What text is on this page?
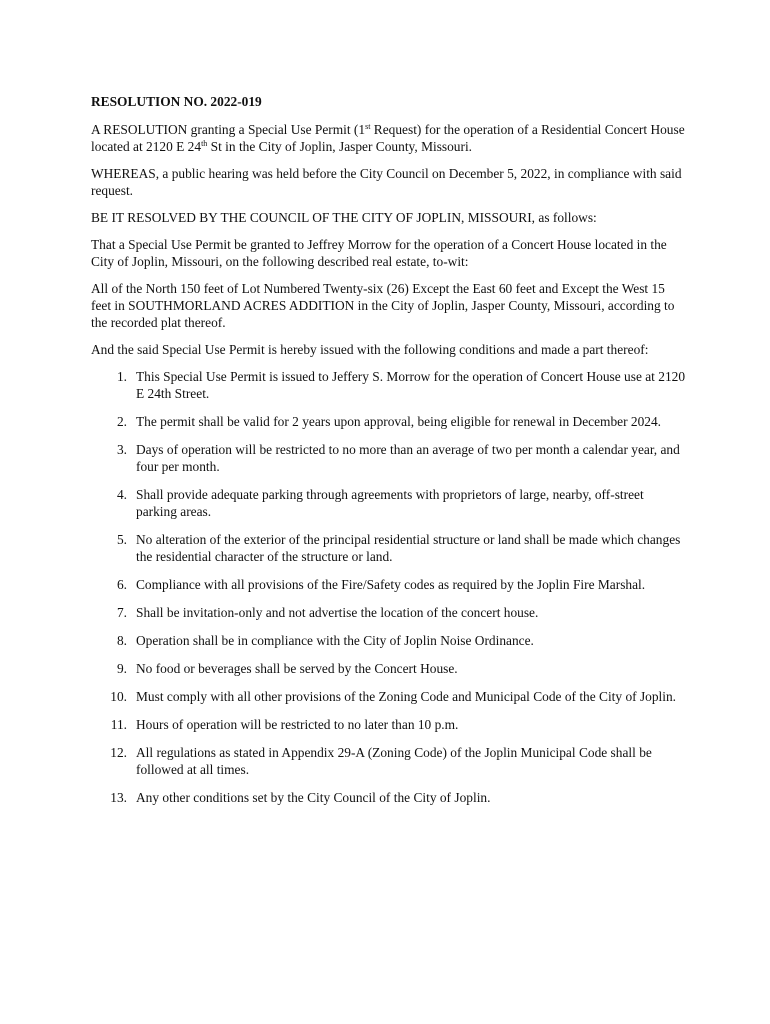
RESOLUTION NO. 2022-019

A RESOLUTION granting a Special Use Permit (1st Request) for the operation of a Residential Concert House located at 2120 E 24th St in the City of Joplin, Jasper County, Missouri.

WHEREAS, a public hearing was held before the City Council on December 5, 2022, in compliance with said request.

BE IT RESOLVED BY THE COUNCIL OF THE CITY OF JOPLIN, MISSOURI, as follows:

That a Special Use Permit be granted to Jeffrey Morrow for the operation of a Concert House located in the City of Joplin, Missouri, on the following described real estate, to-wit:

All of the North 150 feet of Lot Numbered Twenty-six (26) Except the East 60 feet and Except the West 15 feet in SOUTHMORLAND ACRES ADDITION in the City of Joplin, Jasper County, Missouri, according to the recorded plat thereof.

And the said Special Use Permit is hereby issued with the following conditions and made a part thereof:

1. This Special Use Permit is issued to Jeffery S. Morrow for the operation of Concert House use at 2120 E 24th Street.
2. The permit shall be valid for 2 years upon approval, being eligible for renewal in December 2024.
3. Days of operation will be restricted to no more than an average of two per month a calendar year, and four per month.
4. Shall provide adequate parking through agreements with proprietors of large, nearby, off-street parking areas.
5. No alteration of the exterior of the principal residential structure or land shall be made which changes the residential character of the structure or land.
6. Compliance with all provisions of the Fire/Safety codes as required by the Joplin Fire Marshal.
7. Shall be invitation-only and not advertise the location of the concert house.
8. Operation shall be in compliance with the City of Joplin Noise Ordinance.
9. No food or beverages shall be served by the Concert House.
10. Must comply with all other provisions of the Zoning Code and Municipal Code of the City of Joplin.
11. Hours of operation will be restricted to no later than 10 p.m.
12. All regulations as stated in Appendix 29-A (Zoning Code) of the Joplin Municipal Code shall be followed at all times.
13. Any other conditions set by the City Council of the City of Joplin.
